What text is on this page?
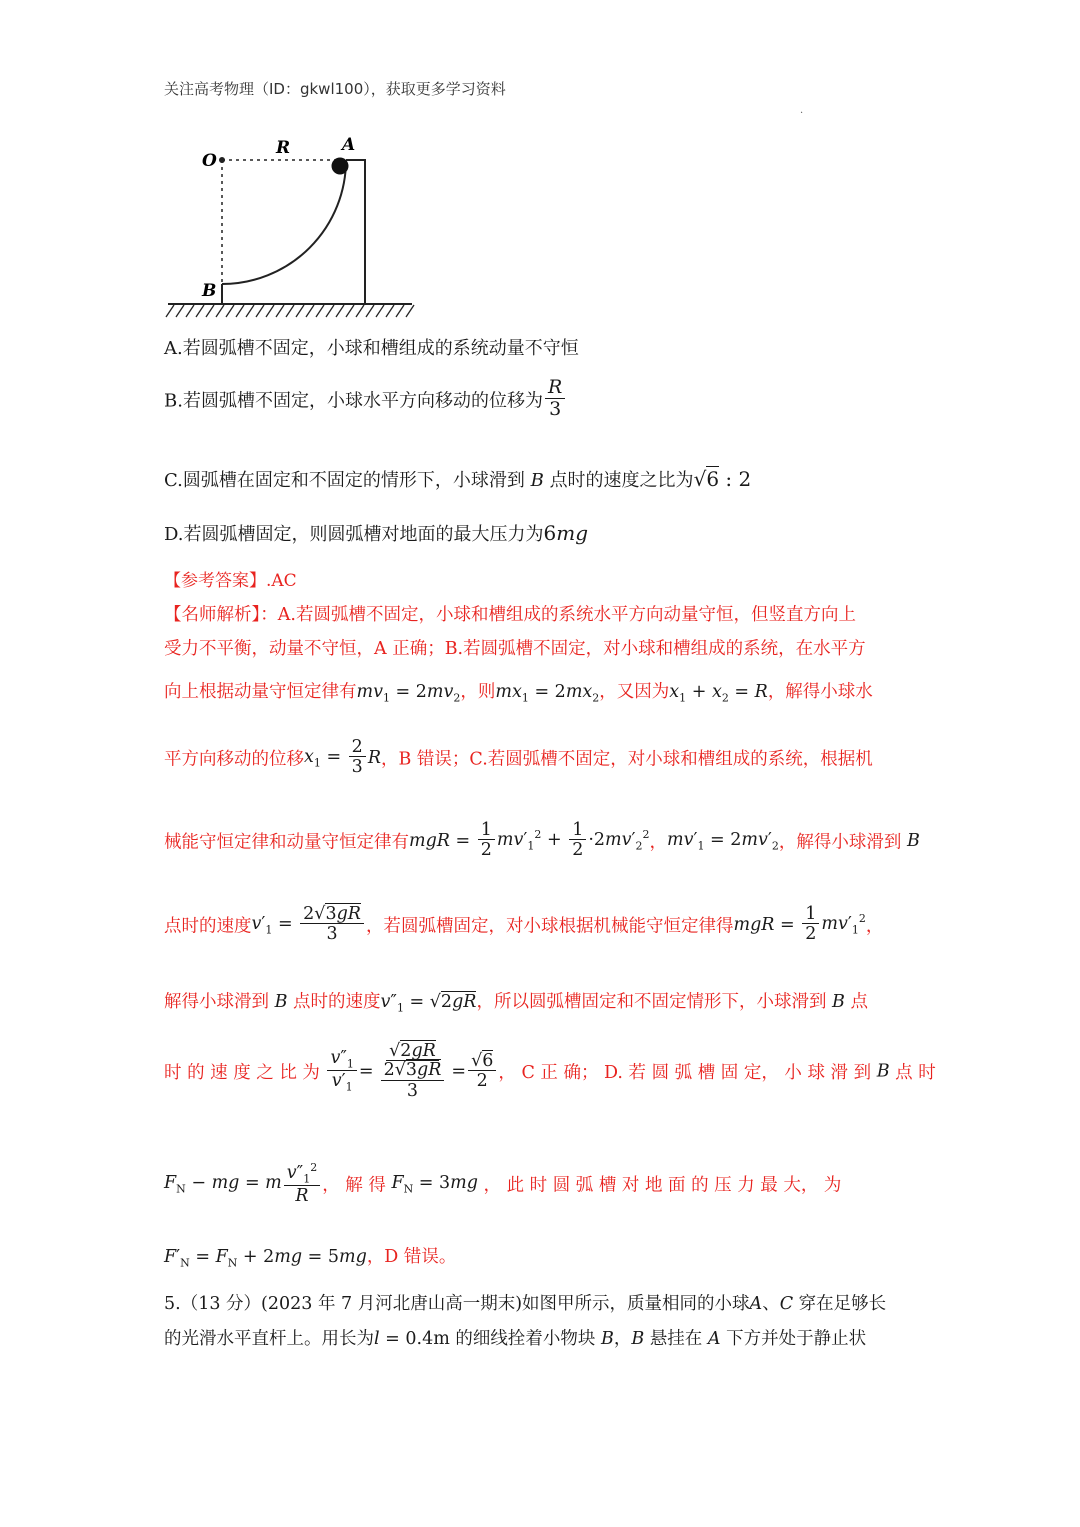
关注高考物理（ID：gkwl100），获取更多学习资料
·
O
R	A
B
A.若圆弧槽不固定，小球和槽组成的系统动量不守恒
B.若圆弧槽不固定，小球水平方向移动的位移为 $\frac{R}{3}$
C.圆弧槽在固定和不固定的情形下，小球滑到 B 点时的速度之比为√6 : 2
D.若圆弧槽固定，则圆弧槽对地面的最大压力为6mg
【参考答案】.AC
【名师解析】：A.若圆弧槽不固定，小球和槽组成的系统水平方向动量守恒，但竖直方向上
受力不平衡，动量不守恒，A 正确；B.若圆弧槽不固定，对小球和槽组成的系统，在水平方
向上根据动量守恒定律有$mv_1 = 2mv_2$，则$mx_1 = 2mx_2$，又因为$x_1 + x_2 = R$，解得小球水
平方向移动的位移$x_1 = \frac{2}{3}$ R，B 错误；C.若圆弧槽不固定，对小球和槽组成的系统，根据机
械能守恒定律和动量守恒定律有mgR = $\frac{1}{2} mv'_1^2 + \frac{1}{2} \cdot 2mv'_2^2$，$mv'_1 = 2mv'_2$，解得小球滑到 B
点时的速度$v'_1 = \frac{2√3gR}{3}$ ，若圆弧槽固定，对小球根据机械能守恒定律得mgR = $\frac{1}{2} mv'_1^2$，
解得小球滑到 B 点时的速度$v''_1 = √2gR$，所以圆弧槽固定和不固定情形下，小球滑到 B 点
时 的 速 度 之 比 为 $\frac{v''_1}{v'_1} = \frac{√2gR}{\frac{2√3gR}{3}} = \frac{√6}{2}$ ， C 正 确； D. 若 圆 弧 槽 固 定， 小 球 滑 到 B 点 时
$F_N$ − mg = m $\frac{v''_1^2}{R}$ ， 解 得 $F_N = 3mg$ ， 此 时 圆 弧 槽 对 地 面 的 压 力 最 大， 为
$F'_N = F_N + 2mg = 5mg$，D 错误。
5.（13 分）(2023 年 7 月河北唐山高一期末)如图甲所示，质量相同的小球A、C 穿在足够长
的光滑水平直杆上。用长为l = 0.4m 的细线拴着小物块 B，B 悬挂在 A 下方并处于静止状
